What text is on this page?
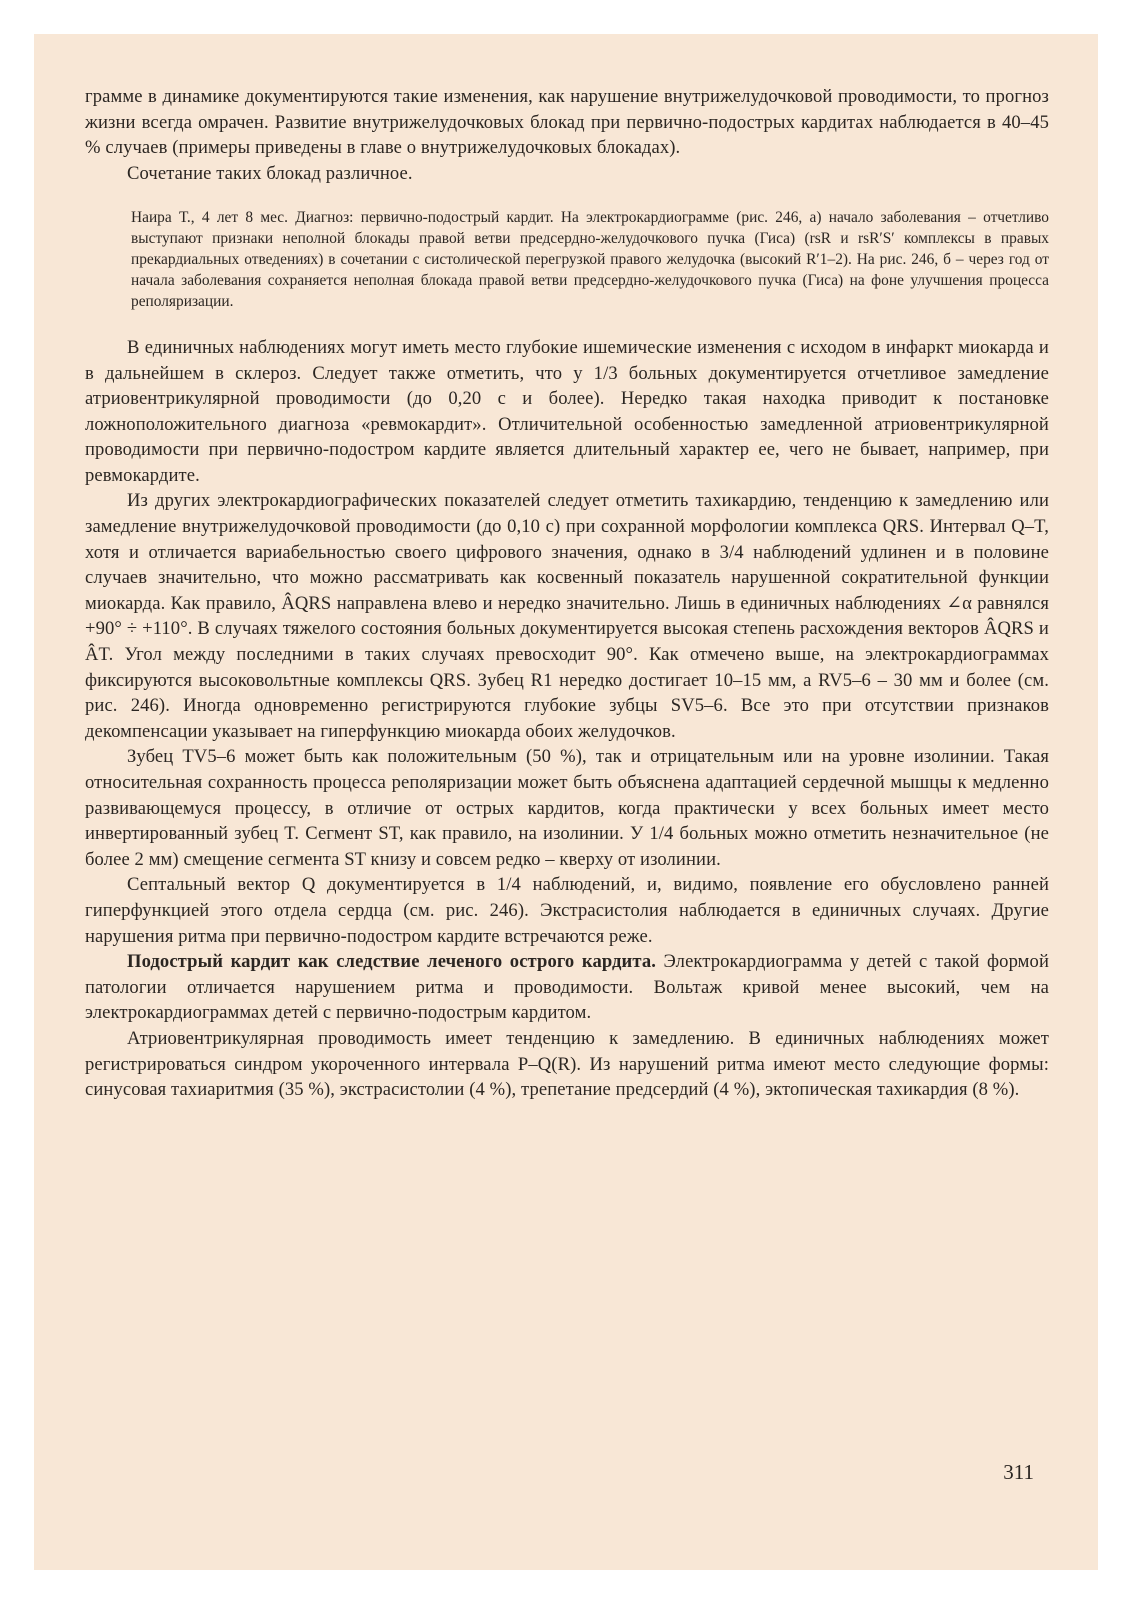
грамме в динамике документируются такие изменения, как нарушение внутрижелудочковой проводимости, то прогноз жизни всегда омрачен. Развитие внутрижелудочковых блокад при первично-подострых кардитах наблюдается в 40–45 % случаев (примеры приведены в главе о внутрижелудочковых блокадах).

Сочетание таких блокад различное.

Наира Т., 4 лет 8 мес. Диагноз: первично-подострый кардит. На электрокардиограмме (рис. 246, а) начало заболевания – отчетливо выступают признаки неполной блокады правой ветви предсердно-желудочкового пучка (Гиса) (rsR и rsR′S′ комплексы в правых прекардиальных отведениях) в сочетании с систолической перегрузкой правого желудочка (высокий R′1–2). На рис. 246, б – через год от начала заболевания сохраняется неполная блокада правой ветви предсердно-желудочкового пучка (Гиса) на фоне улучшения процесса реполяризации.

В единичных наблюдениях могут иметь место глубокие ишемические изменения с исходом в инфаркт миокарда и в дальнейшем в склероз. Следует также отметить, что у 1/3 больных документируется отчетливое замедление атриовентрикулярной проводимости (до 0,20 с и более). Нередко такая находка приводит к постановке ложноположительного диагноза «ревмокардит». Отличительной особенностью замедленной атриовентрикулярной проводимости при первично-подостром кардите является длительный характер ее, чего не бывает, например, при ревмокардите.

Из других электрокардиографических показателей следует отметить тахикардию, тенденцию к замедлению или замедление внутрижелудочковой проводимости (до 0,10 с) при сохранной морфологии комплекса QRS. Интервал Q–T, хотя и отличается вариабельностью своего цифрового значения, однако в 3/4 наблюдений удлинен и в половине случаев значительно, что можно рассматривать как косвенный показатель нарушенной сократительной функции миокарда. Как правило, ÂQRS направлена влево и нередко значительно. Лишь в единичных наблюдениях ∠α равнялся +90° ÷ +110°. В случаях тяжелого состояния больных документируется высокая степень расхождения векторов ÂQRS и ÂT. Угол между последними в таких случаях превосходит 90°. Как отмечено выше, на электрокардиограммах фиксируются высоковольтные комплексы QRS. Зубец R1 нередко достигает 10–15 мм, а RV5–6 – 30 мм и более (см. рис. 246). Иногда одновременно регистрируются глубокие зубцы SV5–6. Все это при отсутствии признаков декомпенсации указывает на гиперфункцию миокарда обоих желудочков.

Зубец TV5–6 может быть как положительным (50 %), так и отрицательным или на уровне изолинии. Такая относительная сохранность процесса реполяризации может быть объяснена адаптацией сердечной мышцы к медленно развивающемуся процессу, в отличие от острых кардитов, когда практически у всех больных имеет место инвертированный зубец T. Сегмент ST, как правило, на изолинии. У 1/4 больных можно отметить незначительное (не более 2 мм) смещение сегмента ST книзу и совсем редко – кверху от изолинии.

Септальный вектор Q документируется в 1/4 наблюдений, и, видимо, появление его обусловлено ранней гиперфункцией этого отдела сердца (см. рис. 246). Экстрасистолия наблюдается в единичных случаях. Другие нарушения ритма при первично-подостром кардите встречаются реже.

Подострый кардит как следствие леченого острого кардита. Электрокардиограмма у детей с такой формой патологии отличается нарушением ритма и проводимости. Вольтаж кривой менее высокий, чем на электрокардиограммах детей с первично-подострым кардитом.

Атриовентрикулярная проводимость имеет тенденцию к замедлению. В единичных наблюдениях может регистрироваться синдром укороченного интервала P–Q(R). Из нарушений ритма имеют место следующие формы: синусовая тахиаритмия (35 %), экстрасистолии (4 %), трепетание предсердий (4 %), эктопическая тахикардия (8 %).

311
